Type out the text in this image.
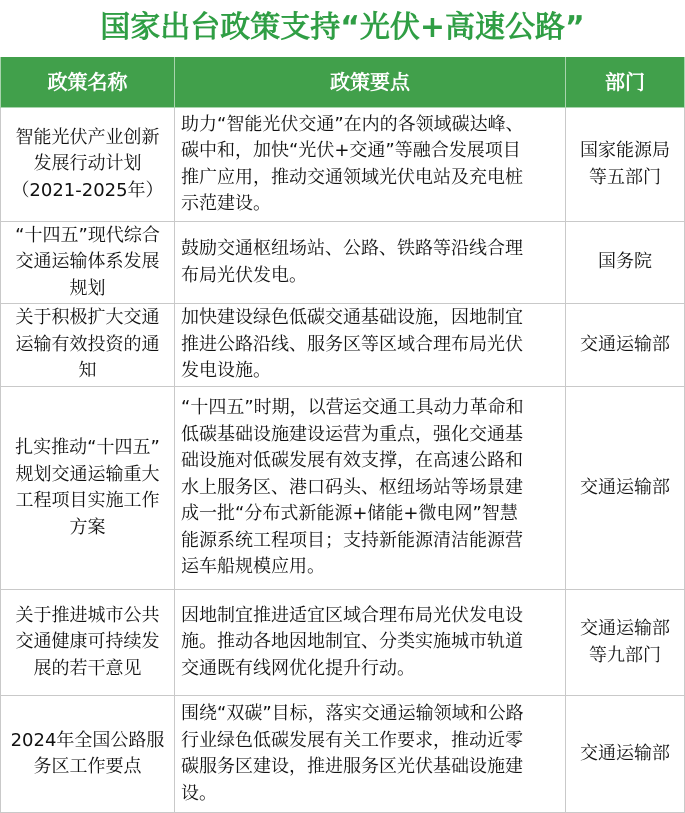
国家出台政策支持“光伏+高速公路”
政策名称	政策要点	部门
智能光伏产业创新
发展行动计划
（2021-2025年）
助力“智能光伏交通”在内的各领域碳达峰、
碳中和，加快“光伏+交通”等融合发展项目
推广应用，推动交通领域光伏电站及充电桩
示范建设。
国家能源局
等五部门
“十四五”现代综合
交通运输体系发展
规划
鼓励交通枢纽场站、公路、铁路等沿线合理
布局光伏发电。
国务院
关于积极扩大交通
运输有效投资的通
知
加快建设绿色低碳交通基础设施，因地制宜
推进公路沿线、服务区等区域合理布局光伏
发电设施。
交通运输部
扎实推动“十四五”
规划交通运输重大
工程项目实施工作
方案
“十四五”时期，以营运交通工具动力革命和
低碳基础设施建设运营为重点，强化交通基
础设施对低碳发展有效支撑，在高速公路和
水上服务区、港口码头、枢纽场站等场景建
成一批“分布式新能源+储能+微电网”智慧
能源系统工程项目；支持新能源清洁能源营
运车船规模应用。
交通运输部
关于推进城市公共
交通健康可持续发
展的若干意见
因地制宜推进适宜区域合理布局光伏发电设
施。推动各地因地制宜、分类实施城市轨道
交通既有线网优化提升行动。
交通运输部
等九部门
2024年全国公路服
务区工作要点
围绕“双碳”目标，落实交通运输领域和公路
行业绿色低碳发展有关工作要求，推动近零
碳服务区建设，推进服务区光伏基础设施建
设。
交通运输部
